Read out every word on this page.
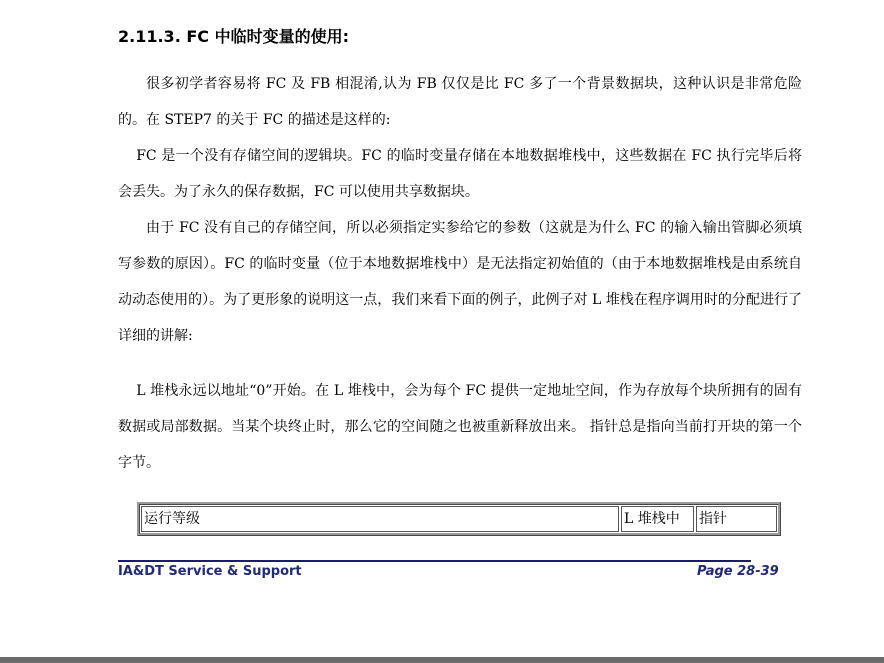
2.11.3. FC 中临时变量的使用:

很多初学者容易将 FC 及 FB 相混淆,认为 FB 仅仅是比 FC 多了一个背景数据块，这种认识是非常危险的。在 STEP7 的关于 FC 的描述是这样的:

FC 是一个没有存储空间的逻辑块。FC 的临时变量存储在本地数据堆栈中，这些数据在 FC 执行完毕后将会丢失。为了永久的保存数据，FC 可以使用共享数据块。

由于 FC 没有自己的存储空间，所以必须指定实参给它的参数（这就是为什么 FC 的输入输出管脚必须填写参数的原因）。FC 的临时变量（位于本地数据堆栈中）是无法指定初始值的（由于本地数据堆栈是由系统自动动态使用的）。为了更形象的说明这一点，我们来看下面的例子，此例子对 L 堆栈在程序调用时的分配进行了详细的讲解:

L 堆栈永远以地址“0”开始。在 L 堆栈中，会为每个 FC 提供一定地址空间，作为存放每个块所拥有的固有数据或局部数据。当某个块终止时，那么它的空间随之也被重新释放出来。 指针总是指向当前打开块的第一个字节。

运行等级	L 堆栈中	指针
IA&DT Service & Support	Page 28-39
